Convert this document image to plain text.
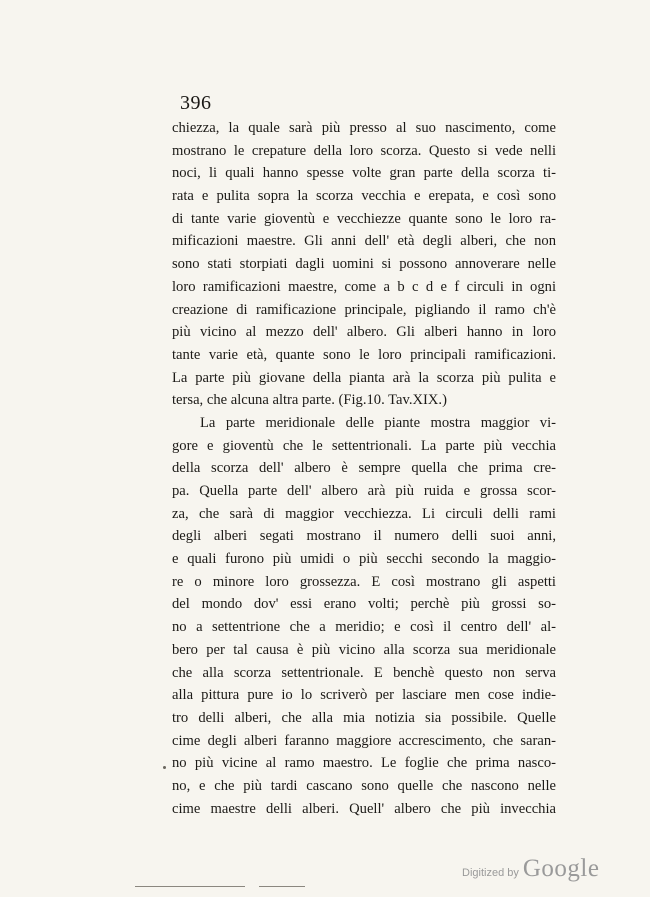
396
chiezza, la quale sarà più presso al suo nascimento, come
mostrano le crepature della loro scorza. Questo si vede nelli
noci, li quali hanno spesse volte gran parte della scorza ti-
rata e pulita sopra la scorza vecchia e erepata, e così sono
di tante varie gioventù e vecchiezze quante sono le loro ra-
mificazioni maestre. Gli anni dell' età degli alberi, che non
sono stati storpiati dagli uomini si possono annoverare nelle
loro ramificazioni maestre, come a b c d e f circuli in ogni
creazione di ramificazione principale, pigliando il ramo ch'è
più vicino al mezzo dell' albero. Gli alberi hanno in loro
tante varie età, quante sono le loro principali ramificazioni.
La parte più giovane della pianta arà la scorza più pulita e
tersa, che alcuna altra parte. (Fig.10. Tav.XIX.)
La parte meridionale delle piante mostra maggior vi-
gore e gioventù che le settentrionali. La parte più vecchia
della scorza dell' albero è sempre quella che prima cre-
pa. Quella parte dell' albero arà più ruida e grossa scor-
za, che sarà di maggior vecchiezza. Li circuli delli rami
degli alberi segati mostrano il numero delli suoi anni,
e quali furono più umidi o più secchi secondo la maggio-
re o minore loro grossezza. E così mostrano gli aspetti
del mondo dov' essi erano volti; perchè più grossi so-
no a settentrione che a meridio; e così il centro dell' al-
bero per tal causa è più vicino alla scorza sua meridionale
che alla scorza settentrionale. E benchè questo non serva
alla pittura pure io lo scriverò per lasciare men cose indie-
tro delli alberi, che alla mia notizia sia possibile. Quelle
cime degli alberi faranno maggiore accrescimento, che saran-
no più vicine al ramo maestro. Le foglie che prima nasco-
no, e che più tardi cascano sono quelle che nascono nelle
cime maestre delli alberi. Quell' albero che più invecchia
Digitized by Google
